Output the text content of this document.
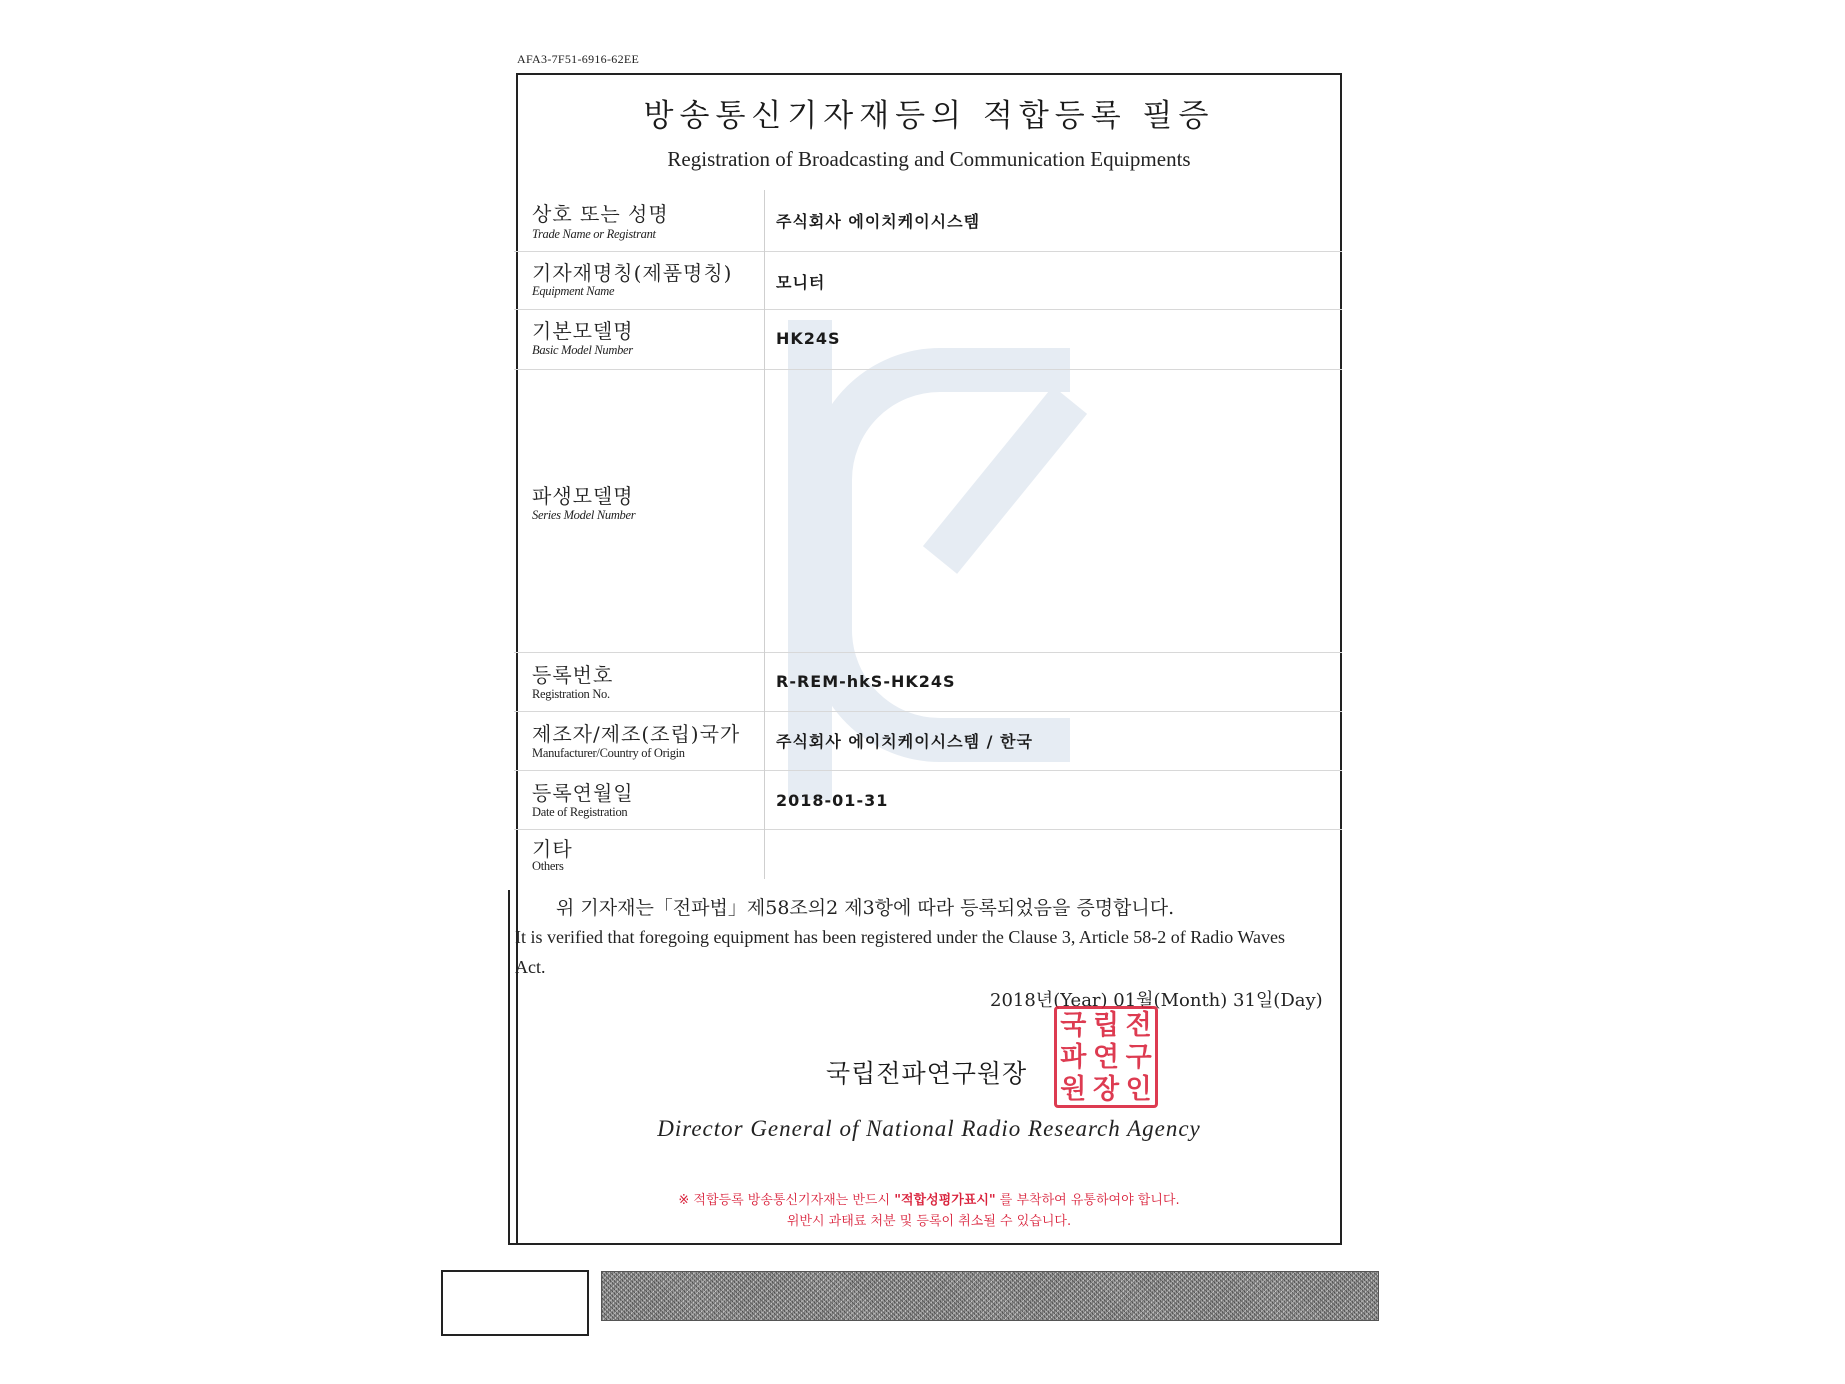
AFA3-7F51-6916-62EE
방송통신기자재등의 적합등록 필증
Registration of Broadcasting and Communication Equipments
상호 또는 성명
Trade Name or Registrant
주식회사 에이치케이시스템
기자재명칭(제품명칭)
Equipment Name	모니터
기본모델명
Basic Model Number
HK24S
파생모델명
Series Model Number
등록번호
Registration No.
R-REM-hkS-HK24S
제조자/제조(조립)국가
Manufacturer/Country of Origin
주식회사 에이치케이시스템 / 한국
등록연월일
Date of Registration
2018-01-31
기타
Others
위 기자재는「전파법」제58조의2 제3항에 따라 등록되었음을 증명합니다.
It is verified that foregoing equipment has been registered under the Clause 3, Article 58-2 of Radio Waves Act.
2018년(Year) 01월(Month) 31일(Day)
국립전파연구원장
국 립 전
파 연 구
원 장 인
Director General of National Radio Research Agency
※ 적합등록 방송통신기자재는 반드시 "적합성평가표시" 를 부착하여 유통하여야 합니다.
위반시 과태료 처분 및 등록이 취소될 수 있습니다.
